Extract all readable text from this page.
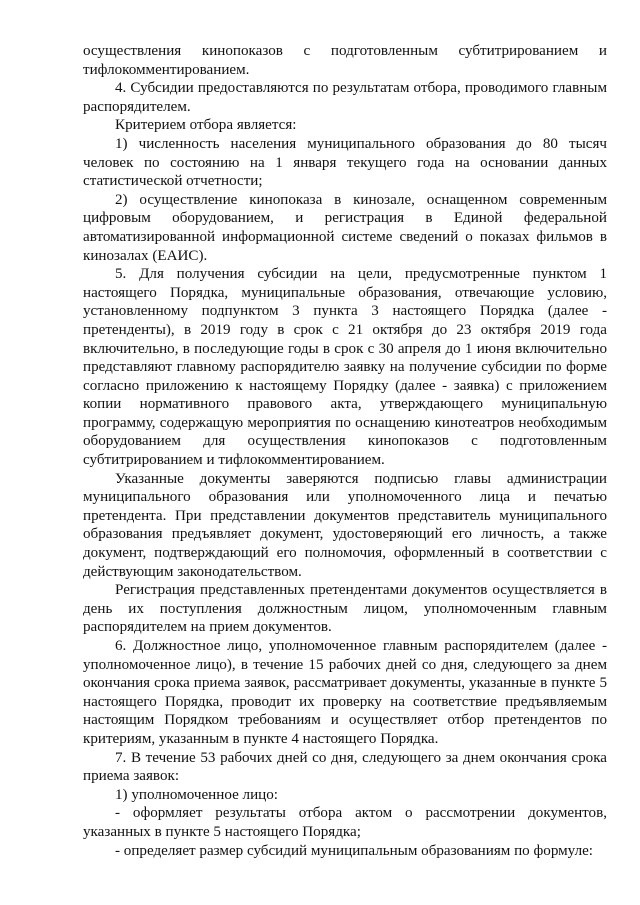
осуществления кинопоказов с подготовленным субтитрированием и тифлокомментированием.

4. Субсидии предоставляются по результатам отбора, проводимого главным распорядителем.

Критерием отбора является:

1) численность населения муниципального образования до 80 тысяч человек по состоянию на 1 января текущего года на основании данных статистической отчетности;

2) осуществление кинопоказа в кинозале, оснащенном современным цифровым оборудованием, и регистрация в Единой федеральной автоматизированной информационной системе сведений о показах фильмов в кинозалах (ЕАИС).

5. Для получения субсидии на цели, предусмотренные пунктом 1 настоящего Порядка, муниципальные образования, отвечающие условию, установленному подпунктом 3 пункта 3 настоящего Порядка (далее - претенденты), в 2019 году в срок с 21 октября до 23 октября 2019 года включительно, в последующие годы в срок с 30 апреля до 1 июня включительно представляют главному распорядителю заявку на получение субсидии по форме согласно приложению к настоящему Порядку (далее - заявка) с приложением копии нормативного правового акта, утверждающего муниципальную программу, содержащую мероприятия по оснащению кинотеатров необходимым оборудованием для осуществления кинопоказов с подготовленным субтитрированием и тифлокомментированием.

Указанные документы заверяются подписью главы администрации муниципального образования или уполномоченного лица и печатью претендента. При представлении документов представитель муниципального образования предъявляет документ, удостоверяющий его личность, а также документ, подтверждающий его полномочия, оформленный в соответствии с действующим законодательством.

Регистрация представленных претендентами документов осуществляется в день их поступления должностным лицом, уполномоченным главным распорядителем на прием документов.

6. Должностное лицо, уполномоченное главным распорядителем (далее - уполномоченное лицо), в течение 15 рабочих дней со дня, следующего за днем окончания срока приема заявок, рассматривает документы, указанные в пункте 5 настоящего Порядка, проводит их проверку на соответствие предъявляемым настоящим Порядком требованиям и осуществляет отбор претендентов по критериям, указанным в пункте 4 настоящего Порядка.

7. В течение 53 рабочих дней со дня, следующего за днем окончания срока приема заявок:

1) уполномоченное лицо:

- оформляет результаты отбора актом о рассмотрении документов, указанных в пункте 5 настоящего Порядка;

- определяет размер субсидий муниципальным образованиям по формуле:
